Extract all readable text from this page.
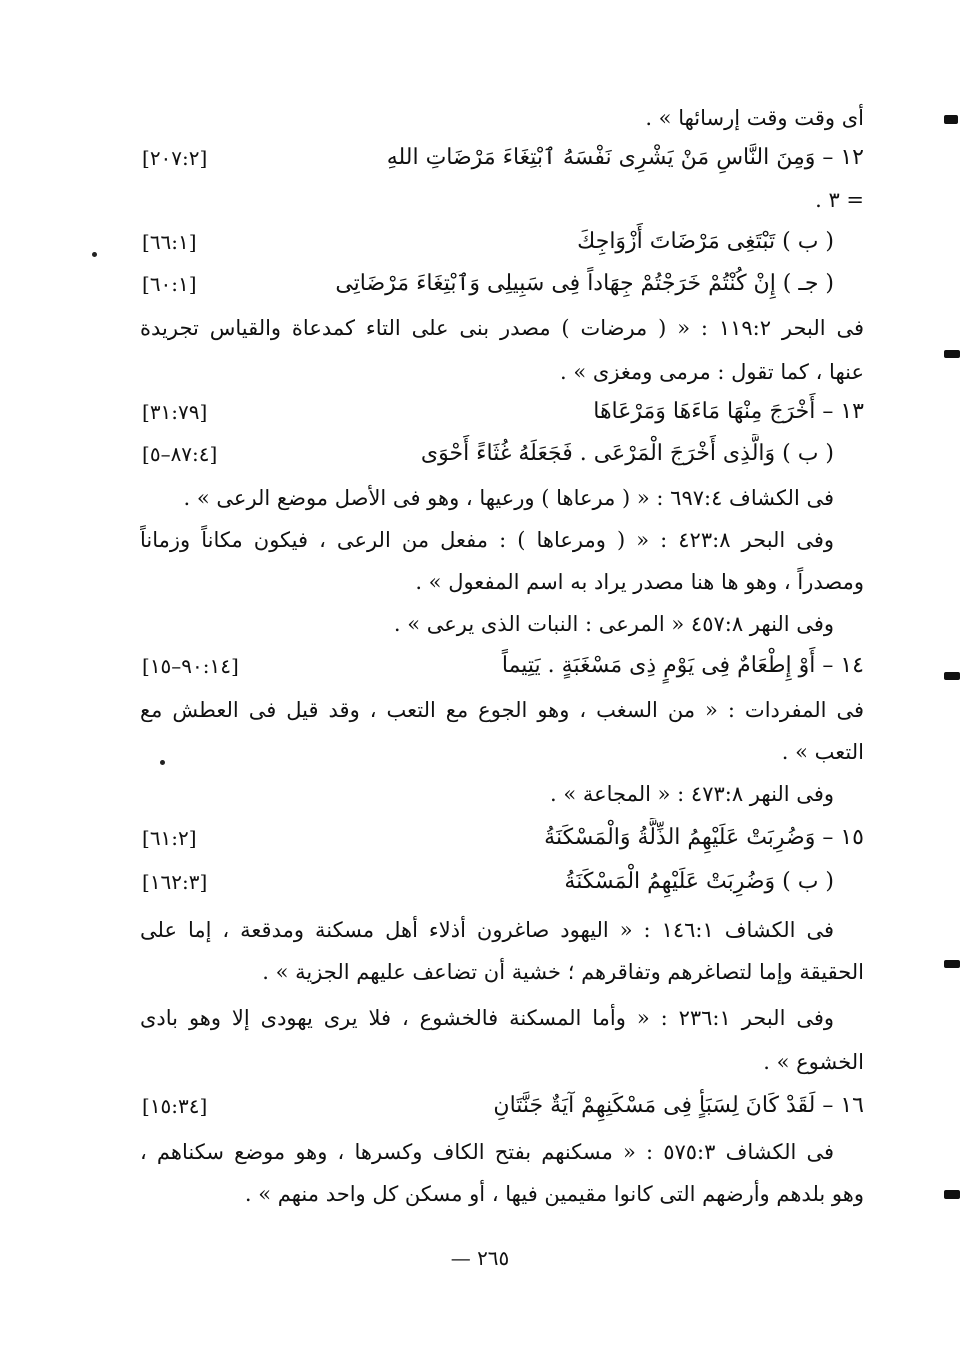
أى وقت وقت إرسائها » .
١٢ – وَمِنَ النَّاسِ مَنْ يَشْرِى نَفْسَهُ ٱبْتِغَاءَ مَرْضَاتِ اللهِ
[٢٠٧:٢]
= ٣ .
( ب ) تَبْتَغِى مَرْضَاتَ أَزْوَاجِكَ
[٦٦:١]
( جـ ) إِنْ كُنْتُمْ خَرَجْتُمْ جِهَاداً فِى سَبِيلِى وَٱبْتِغَاءَ مَرْضَاتِى
[٦٠:١]
فى البحر ١١٩:٢ : « ( مرضات ) مصدر بنى على التاء كمدعاة والقياس تجريدة
عنها ، كما تقول : مرمى ومغزى » .
١٣ – أَخْرَجَ مِنْهَا مَاءَهَا وَمَرْعَاهَا
[٣١:٧٩]
( ب ) وَالَّذِى أَخْرَجَ الْمَرْعَى . فَجَعَلَهُ غُثَاءً أَحْوَى
[٨٧:٤–٥]
فى الكشاف ٦٩٧:٤ : « ( مرعاها ) ورعيها ، وهو فى الأصل موضع الرعى » .
وفى البحر ٤٢٣:٨ : « ( ومرعاها ) : مفعل من الرعى ، فيكون مكاناً وزماناً
ومصدراً ، وهو ها هنا مصدر يراد به اسم المفعول » .
وفى النهر ٤٥٧:٨ « المرعى : النبات الذى يرعى » .
١٤ – أَوْ إِطْعَامٌ فِى يَوْمٍ ذِى مَسْغَبَةٍ . يَتِيماً
[٩٠:١٤–١٥]
فى المفردات : « من السغب ، وهو الجوع مع التعب ، وقد قيل فى العطش مع
التعب » .
وفى النهر ٤٧٣:٨ : « المجاعة » .
١٥ – وَضُرِبَتْ عَلَيْهِمُ الذِّلَّةُ وَالْمَسْكَنَةُ
[٦١:٢]
( ب ) وَضُرِبَتْ عَلَيْهِمُ الْمَسْكَنَةُ
[١٦٢:٣]
فى الكشاف ١٤٦:١ : « اليهود صاغرون أذلاء أهل مسكنة ومدقعة ، إما على
الحقيقة وإما لتصاغرهم وتفاقرهم ؛ خشية أن تضاعف عليهم الجزية » .
وفى البحر ٢٣٦:١ : « وأما المسكنة فالخشوع ، فلا يرى يهودى إلا وهو بادى
الخشوع » .
١٦ – لَقَدْ كَانَ لِسَبَأٍ فِى مَسْكَنِهِمْ آيَةٌ جَنَّتَانِ
[١٥:٣٤]
فى الكشاف ٥٧٥:٣ : « مسكنهم بفتح الكاف وكسرها ، وهو موضع سكناهم ،
وهو بلدهم وأرضهم التى كانوا مقيمين فيها ، أو مسكن كل واحد منهم » .
— ٢٦٥
